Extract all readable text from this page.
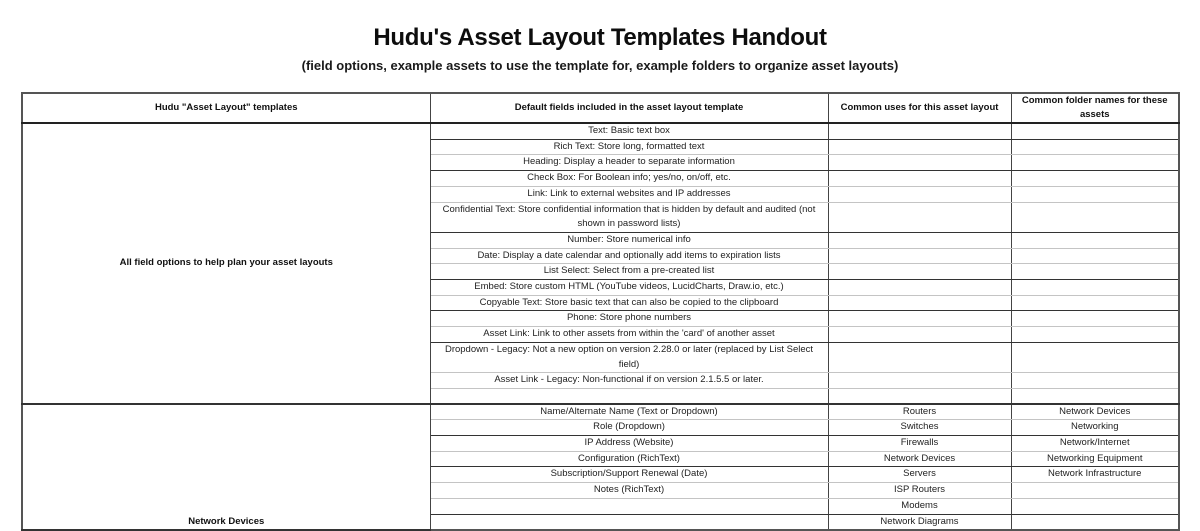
Hudu's Asset Layout Templates Handout
(field options, example assets to use the template for, example folders to organize asset layouts)
Hudu "Asset Layout" templates	Default fields included in the asset layout template	Common uses for this asset layout	Common folder names for these assets
All field options to help plan your asset layouts	Text: Basic text box		
	Rich Text: Store long, formatted text		
	Heading: Display a header to separate information		
	Check Box: For Boolean info; yes/no, on/off, etc.		
	Link: Link to external websites and IP addresses		
	Confidential Text: Store confidential information that is hidden by default and audited (not shown in password lists)		
	Number: Store numerical info		
	Date: Display a date calendar and optionally add items to expiration lists		
	List Select: Select from a pre-created list		
	Embed: Store custom HTML (YouTube videos, LucidCharts, Draw.io, etc.)		
	Copyable Text: Store basic text that can also be copied to the clipboard		
	Phone: Store phone numbers		
	Asset Link: Link to other assets from within the 'card' of another asset		
	Dropdown - Legacy: Not a new option on version 2.28.0 or later (replaced by List Select field)		
	Asset Link - Legacy: Non-functional if on version 2.1.5.5 or later.		

Network Devices	Name/Alternate Name (Text or Dropdown)	Routers	Network Devices
	Role (Dropdown)	Switches	Networking
	IP Address (Website)	Firewalls	Network/Internet
	Configuration (RichText)	Network Devices	Networking Equipment
	Subscription/Support Renewal (Date)	Servers	Network Infrastructure
	Notes (RichText)	ISP Routers	
		Modems	
		Network Diagrams	
